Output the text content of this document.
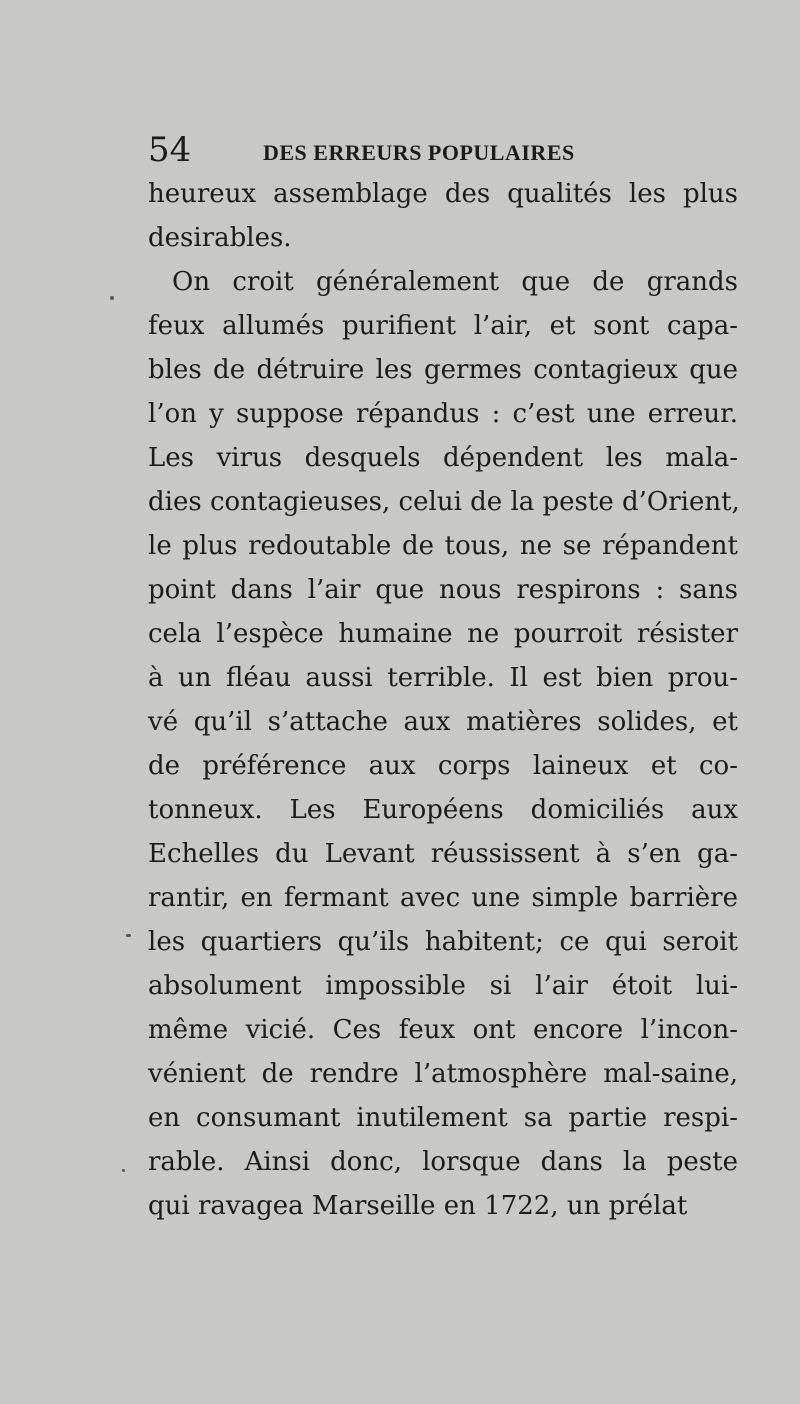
54	DES ERREURS POPULAIRES
heureux assemblage des qualités les plus
desirables.
On croit généralement que de grands
feux allumés purifient l’air, et sont capa-
bles de détruire les germes contagieux que
l’on y suppose répandus : c’est une erreur.
Les virus desquels dépendent les mala-
dies contagieuses, celui de la peste d’Orient,
le plus redoutable de tous, ne se répandent
point dans l’air que nous respirons : sans
cela l’espèce humaine ne pourroit résister
à un fléau aussi terrible. Il est bien prou-
vé qu’il s’attache aux matières solides, et
de préférence aux corps laineux et co-
tonneux. Les Européens domiciliés aux
Echelles du Levant réussissent à s’en ga-
rantir, en fermant avec une simple barrière
les quartiers qu’ils habitent; ce qui seroit
absolument impossible si l’air étoit lui-
même vicié. Ces feux ont encore l’incon-
vénient de rendre l’atmosphère mal-saine,
en consumant inutilement sa partie respi-
rable. Ainsi donc, lorsque dans la peste
qui ravagea Marseille en 1722, un prélat
